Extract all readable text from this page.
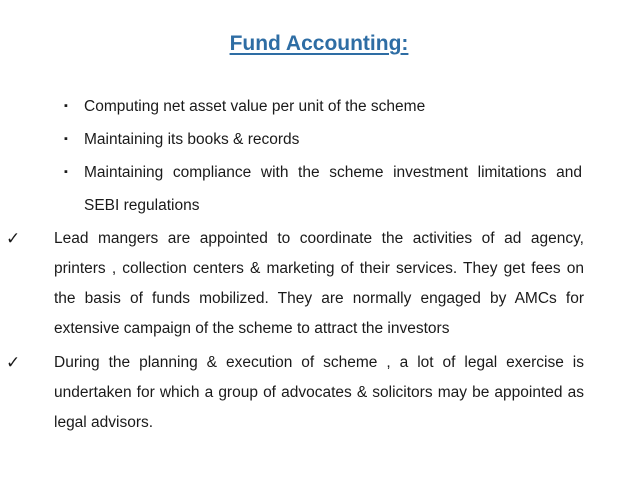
Fund Accounting:
▪ Computing net asset value per unit of the scheme
▪ Maintaining its books & records
▪ Maintaining compliance with the scheme investment limitations and SEBI regulations
✓ Lead mangers are appointed to coordinate the activities of ad agency, printers , collection centers & marketing of their services. They get fees on the basis of funds mobilized. They are normally engaged by AMCs for extensive campaign of the scheme to attract the investors
✓ During the planning & execution of scheme , a lot of legal exercise is undertaken for which a group of advocates & solicitors may be appointed as legal advisors.
